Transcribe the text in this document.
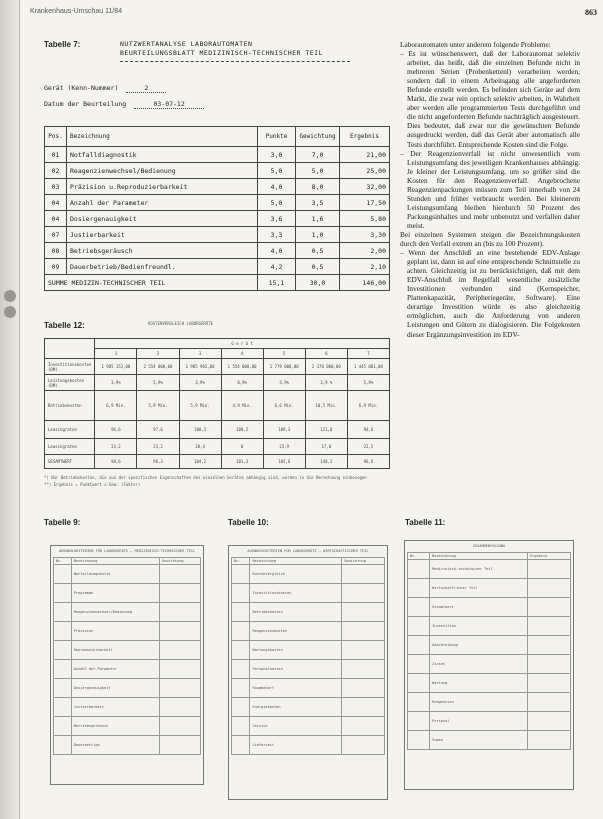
Krankenhaus-Umschau 11/84	863
Tabelle 7:	NUTZWERTANALYSE LABORAUTOMATEN
BEURTEILUNGSBLATT MEDIZINISCH-TECHNISCHER TEIL
Gerät (Kenn-Nummer)	2
Datum der Beurteilung	03-07-12
Pos.	Bezeichnung	Punkte	Gewichtung	Ergebnis
01	Notfalldiagnostik	3,0	7,0	21,00
02	Reagenzienwechsel/Bedienung	5,0	5,0	25,00
03	Präzision u.Reproduzierbarkeit	4,0	8,0	32,00
04	Anzahl der Parameter	5,0	3,5	17,50
04	Dosiergenauigkeit	3,6	1,6	5,80
07	Justierbarkeit	3,3	1,0	3,30
08	Betriebsgeräusch	4,0	0,5	2,00
09	Dauerbetrieb/Bedienfreundl.	4,2	0,5	2,10
SUMME MEDIZIN-TECHNISCHER TEIL		15,1	30,0	146,00
Tabelle 12:	KOSTENVERGLEICH LABORGERÄTE
	G e r ä t						
	1	2	3	4	5	6	7
Investitionskosten (DM)	1 985 152,00	2 554 000,00	1 985 965,00	1 554 000,00	1 779 000,00	2 370 000,00	1 445 001,00
Leistungskosten (DM)	3,9%	5,9%	3,9%	0,9%	3,9%	3,9 %	5,9%
Betriebskosten	6,9 Mio.	5,9 Mio.	5,9 Mio.	4,9 Mio.	6,6 Mio.	10,5 Mio.	6,9 Mio.
Leasingraten	96,6	97,6	100,3	100,2	109,3	121,0	94,6
Leasingraten	23,2	23,2	20,4	0	23,9	17,0	22,5
GESAMTWERT	98,6	96,3	104,2	101,3	105,0	140,2	96,6
*) Nur Betriebskosten, die aus der spezifischen Eigenschaften des einzelnen Gerätes abhängig sind, werden in die Berechnung einbezogen
**) Ergebnis = Punktwert x Gew. (Faktor)

Laborautomaten unter anderem folgende Probleme:

– Es ist wünschenswert, daß der Laborautomat selektiv arbeitet, das heißt, daß die einzelnen Befunde nicht in mehreren Serien (Probenkettenl) verarbeiten werden, sondern daß in einem Arbeitsgang alle angeforderten Befunde erstellt werden. Es befinden sich Geräte auf dem Markt, die zwar rein optisch selektiv arbeiten, in Wahrheit aber werden alle programmierten Tests durchgeführt und die nicht angeforderten Befunde nachträglich ausgesteuert. Dies bedeutet, daß zwar nur die gewünschten Befunde ausgedruckt werden, daß das Gerät aber automatisch alle Tests durchführt. Entsprechende Kosten sind die Folge.

– Der Reagenzienverfall ist nicht unwesentlich vom Leistungsumfang des jeweiligen Krankenhauses abhängig. Je kleiner der Leistungsumfang, um so größer sind die Kosten für den Reagenzienverfall. Angebrochene Reagenzienpackungen müssen zum Teil innerhalb von 24 Stunden und früher verbraucht werden. Bei kleinerem Leistungsumfang bleiben hierdurch 50 Prozent des Packungsinhaltes und mehr unbenutzt und verfallen daher meist.

Bei einzelnen Systemen steigen die Bezeichnungskosten durch den Verfall extrem an (bis zu 100 Prozent).

– Wenn der Anschluß an eine bestehende EDV-Anlage geplant ist, dann ist auf eine entsprechende Schnittstelle zu achten. Gleichzeitig ist zu berücksichtigen, daß mit dem EDV-Anschluß im Regelfall wesentliche zusätzliche Investitionen verbunden sind (Kernspeicher, Plattenkapazität, Peripheriegeräte, Software). Eine derartige Investition würde es also gleichzeitig ermöglichen, auch die Anforderung von anderen Leistungen und Gütern zu dialogisieren. Die Folgekosten dieser Ergänzungsinvestition im EDV-

Tabelle 9:	Tabelle 10:	Tabelle 11:
AUSWAHLKRITERIEN FÜR LABORGERÄTE – MEDIZINISCH-TECHNISCHER TEIL
Nr.	Bezeichnung	Gewichtung
	Notfalldiagnostik	
	Programme	
	Reagenzienwechsel/Bedienung	
	Präzision	
	Reproduzierbarkeit	
	Anzahl der Parameter	
	Dosiergenauigkeit	
	Justierbarkeit	
	Betriebsgeräusch	
	Dauerbetrieb	
AUSWAHLKRITERIEN FÜR LABORGERÄTE – WIRTSCHAFTLICHER TEIL
Nr.	Bezeichnung	Gewichtung
	Kostenvergleich	
	Investitionskosten	
	Betriebskosten	
	Reagenzienkosten	
	Wartungskosten	
	Personalkosten	
	Raumbedarf	
	Energiekosten	
	Service	
	Lieferzeit	
ZUSAMMENFASSUNG
Nr.	Bezeichnung	Ergebnis
	Medizinisch-technischer Teil	
	Wirtschaftlicher Teil	
	Gesamtwert	
	Investition	
	Abschreibung	
	Zinsen	
	Wartung	
	Reagenzien	
	Personal	
	Summe	
